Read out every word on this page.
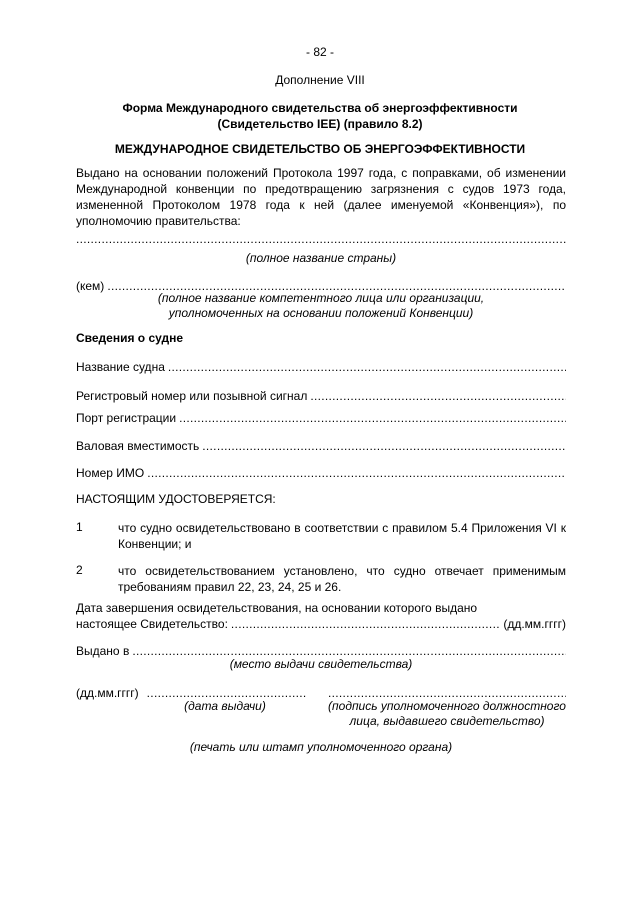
- 82 -
Дополнение VIII
Форма Международного свидетельства об энергоэффективности
(Свидетельство IEE) (правило 8.2)
МЕЖДУНАРОДНОЕ СВИДЕТЕЛЬСТВО ОБ ЭНЕРГОЭФФЕКТИВНОСТИ
Выдано на основании положений Протокола 1997 года, с поправками, об изменении Международной конвенции по предотвращению загрязнения с судов 1973 года, измененной Протоколом 1978 года к ней (далее именуемой «Конвенция»), по уполномочию правительства:
.....
(полное название страны)
(кем)
.....
(полное название компетентного лица или организации,
уполномоченных на основании положений Конвенции)
Сведения о судне
Название судна
.....
Регистровый номер или позывной сигнал
.....
Порт регистрации
.....
Валовая вместимость
.....
Номер ИМО
.....
НАСТОЯЩИМ УДОСТОВЕРЯЕТСЯ:
1	что судно освидетельствовано в соответствии с правилом 5.4 Приложения VI к Конвенции; и
2	что освидетельствованием установлено, что судно отвечает применимым требованиям правил 22, 23, 24, 25 и 26.
Дата завершения освидетельствования, на основании которого выдано
настоящее Свидетельство:
.....	(дд.мм.гггг)
Выдано в
.....
(место выдачи свидетельства)
(дд.мм.гггг)
.....
.....
(дата выдачи)	(подпись уполномоченного должностного
лица, выдавшего свидетельство)
(печать или штамп уполномоченного органа)
